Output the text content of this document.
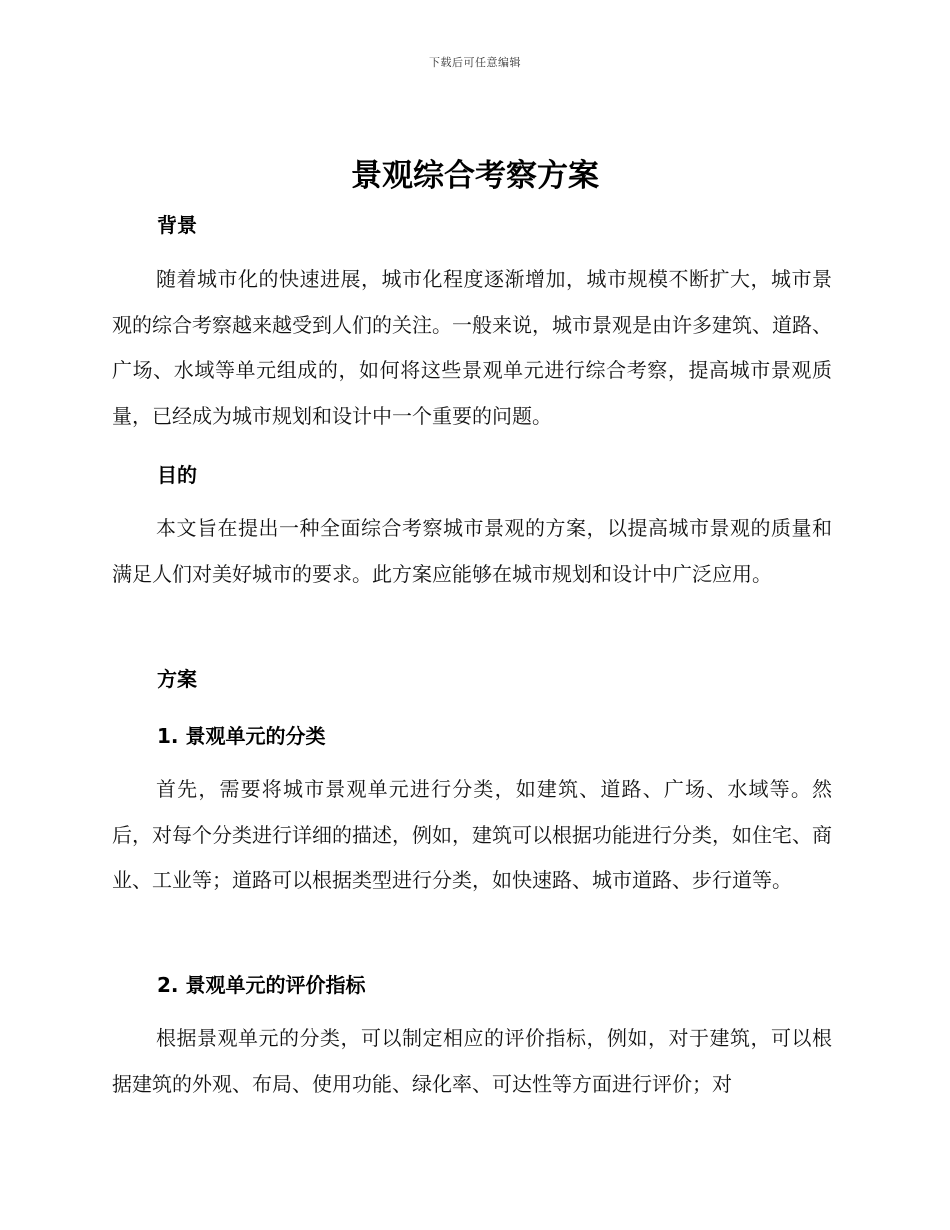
下载后可任意编辑
景观综合考察方案
背景

随着城市化的快速进展，城市化程度逐渐增加，城市规模不断扩大，城市景观的综合考察越来越受到人们的关注。一般来说，城市景观是由许多建筑、道路、广场、水域等单元组成的，如何将这些景观单元进行综合考察，提高城市景观质量，已经成为城市规划和设计中一个重要的问题。

目的

本文旨在提出一种全面综合考察城市景观的方案，以提高城市景观的质量和满足人们对美好城市的要求。此方案应能够在城市规划和设计中广泛应用。

方案
1. 景观单元的分类

首先，需要将城市景观单元进行分类，如建筑、道路、广场、水域等。然后，对每个分类进行详细的描述，例如，建筑可以根据功能进行分类，如住宅、商业、工业等；道路可以根据类型进行分类，如快速路、城市道路、步行道等。

2. 景观单元的评价指标

根据景观单元的分类，可以制定相应的评价指标，例如，对于建筑，可以根据建筑的外观、布局、使用功能、绿化率、可达性等方面进行评价；对
